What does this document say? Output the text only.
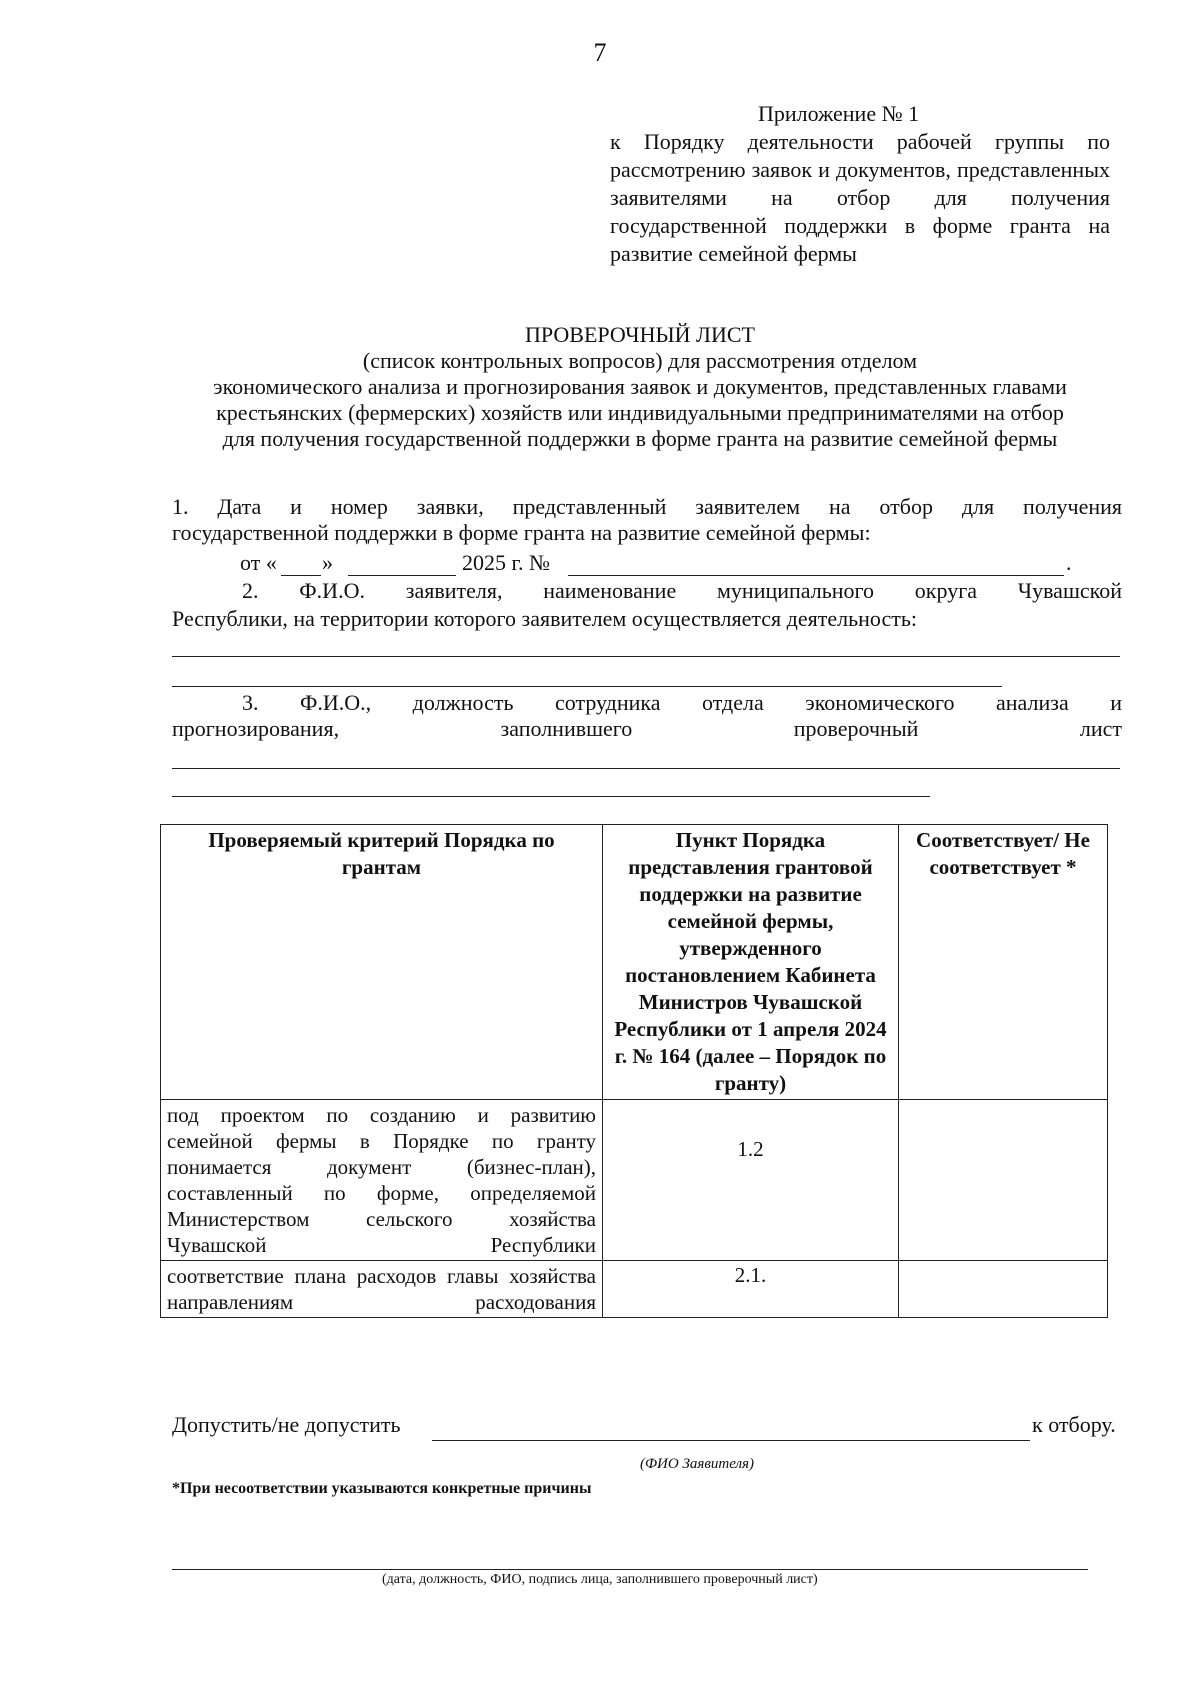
7
Приложение № 1
к Порядку деятельности рабочей группы по рассмотрению заявок и документов, представленных заявителями на отбор для получения государственной поддержки в форме гранта на развитие семейной фермы
ПРОВЕРОЧНЫЙ ЛИСТ
(список контрольных вопросов) для рассмотрения отделом
экономического анализа и прогнозирования заявок и документов, представленных главами
крестьянских (фермерских) хозяйств или индивидуальными предпринимателями на отбор
для получения государственной поддержки в форме гранта на развитие семейной фермы
1. Дата и номер заявки, представленный заявителем на отбор для получения
государственной поддержки в форме гранта на развитие семейной фермы:
от « »	2025 г. №	.
2. Ф.И.О. заявителя, наименование муниципального округа Чувашской
Республики, на территории которого заявителем осуществляется деятельность:
3. Ф.И.О., должность сотрудника отдела экономического анализа и
прогнозирования, заполнившего проверочный лист
Проверяемый критерий Порядка по грантам	Пункт Порядка представления грантовой поддержки на развитие семейной фермы, утвержденного постановлением Кабинета Министров Чувашской Республики от 1 апреля 2024 г. № 164 (далее – Порядок по гранту)	Соответствует/ Не соответствует *
под проектом по созданию и развитию семейной фермы в Порядке по гранту понимается документ (бизнес-план), составленный по форме, определяемой Министерством сельского хозяйства Чувашской Республики	1.2	
соответствие плана расходов главы хозяйства направлениям расходования	2.1.	
Допустить/не допустить	к отбору.
(ФИО Заявителя)
*При несоответствии указываются конкретные причины
(дата, должность, ФИО, подпись лица, заполнившего проверочный лист)
